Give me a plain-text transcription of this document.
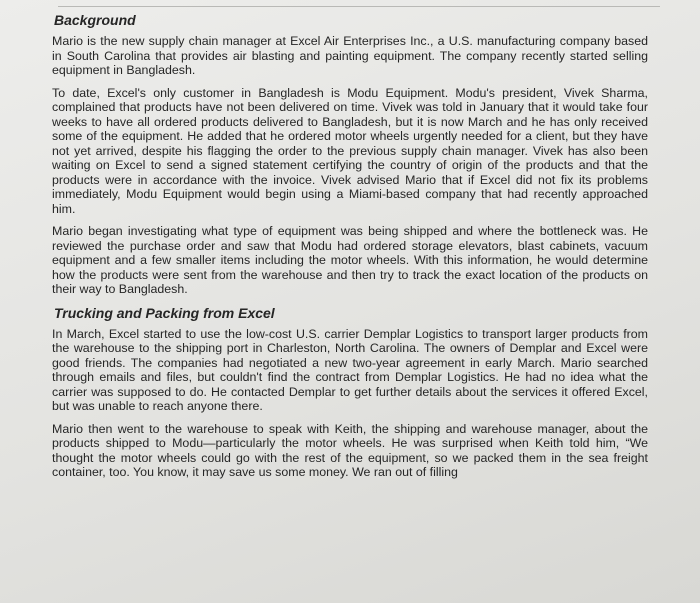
Background

Mario is the new supply chain manager at Excel Air Enterprises Inc., a U.S. manufacturing company based in South Carolina that provides air blasting and painting equipment. The company recently started selling equipment in Bangladesh.

To date, Excel's only customer in Bangladesh is Modu Equipment. Modu's president, Vivek Sharma, complained that products have not been delivered on time. Vivek was told in January that it would take four weeks to have all ordered products delivered to Bangladesh, but it is now March and he has only received some of the equipment. He added that he ordered motor wheels urgently needed for a client, but they have not yet arrived, despite his flagging the order to the previous supply chain manager. Vivek has also been waiting on Excel to send a signed statement certifying the country of origin of the products and that the products were in accordance with the invoice. Vivek advised Mario that if Excel did not fix its problems immediately, Modu Equipment would begin using a Miami-based company that had recently approached him.

Mario began investigating what type of equipment was being shipped and where the bottleneck was. He reviewed the purchase order and saw that Modu had ordered storage elevators, blast cabinets, vacuum equipment and a few smaller items including the motor wheels. With this information, he would determine how the products were sent from the warehouse and then try to track the exact location of the products on their way to Bangladesh.

Trucking and Packing from Excel

In March, Excel started to use the low-cost U.S. carrier Demplar Logistics to transport larger products from the warehouse to the shipping port in Charleston, North Carolina. The owners of Demplar and Excel were good friends. The companies had negotiated a new two-year agreement in early March. Mario searched through emails and files, but couldn't find the contract from Demplar Logistics. He had no idea what the carrier was supposed to do. He contacted Demplar to get further details about the services it offered Excel, but was unable to reach anyone there.

Mario then went to the warehouse to speak with Keith, the shipping and warehouse manager, about the products shipped to Modu—particularly the motor wheels. He was surprised when Keith told him, “We thought the motor wheels could go with the rest of the equipment, so we packed them in the sea freight container, too. You know, it may save us some money. We ran out of filling
